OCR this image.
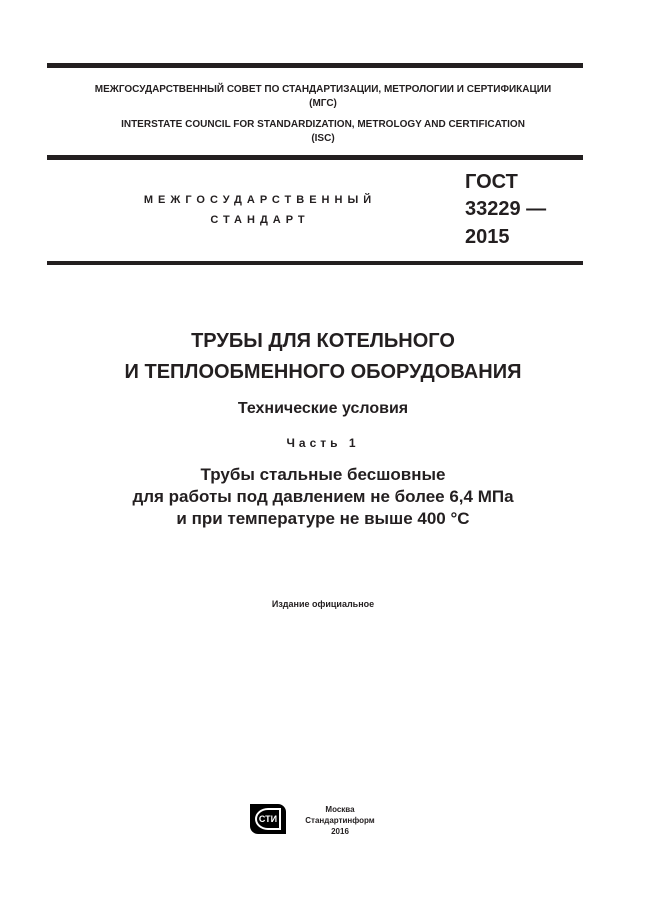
МЕЖГОСУДАРСТВЕННЫЙ СОВЕТ ПО СТАНДАРТИЗАЦИИ, МЕТРОЛОГИИ И СЕРТИФИКАЦИИ
(МГС)
INTERSTATE COUNCIL FOR STANDARDIZATION, METROLOGY AND CERTIFICATION
(ISC)
МЕЖГОСУДАРСТВЕННЫЙ
СТАНДАРТ
ГОСТ
33229 —
2015
ТРУБЫ ДЛЯ КОТЕЛЬНОГО
И ТЕПЛООБМЕННОГО ОБОРУДОВАНИЯ
Технические условия
Часть 1
Трубы стальные бесшовные
для работы под давлением не более 6,4 МПа
и при температуре не выше 400 °С
Издание официальное
СТИ
Москва
Стандартинформ
2016
